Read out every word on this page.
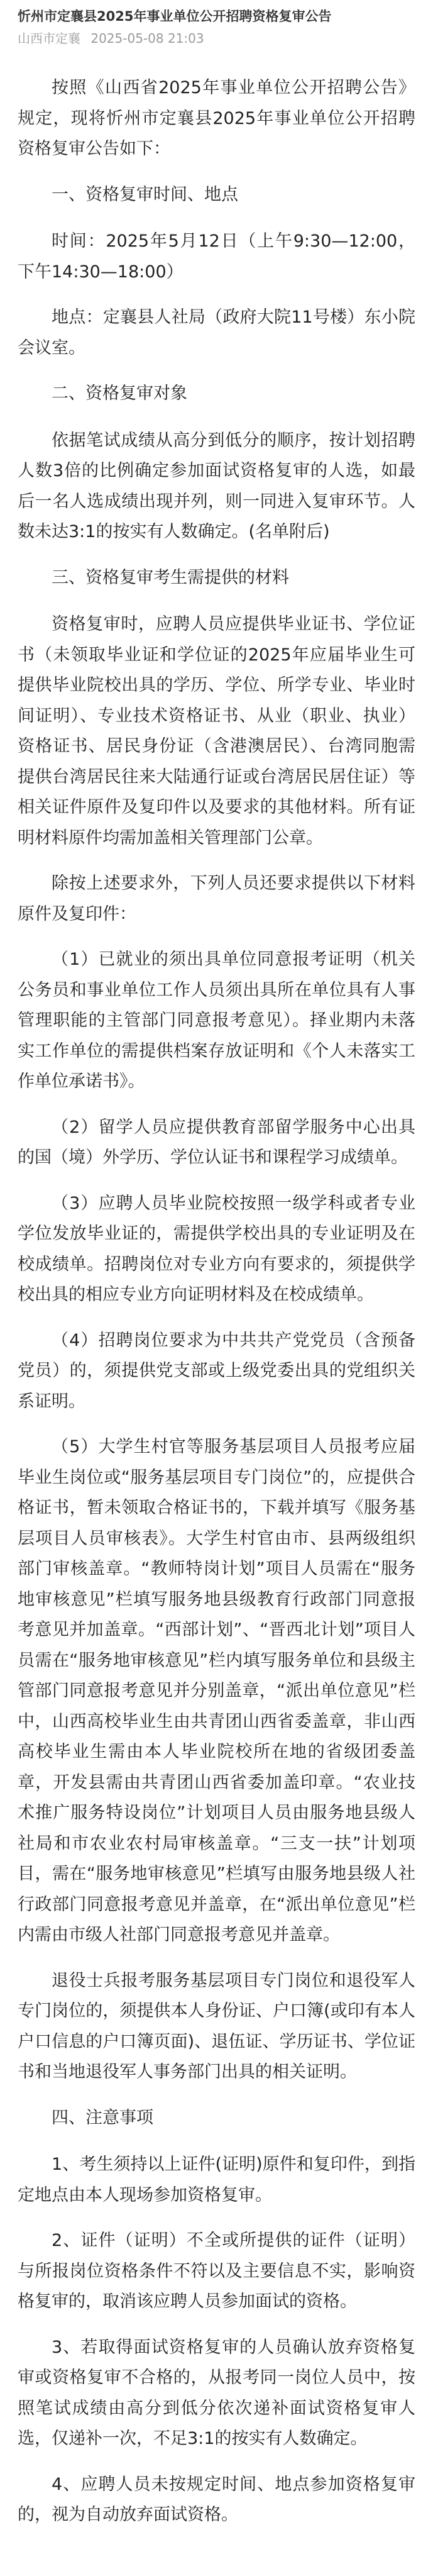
忻州市定襄县2025年事业单位公开招聘资格复审公告
山西市定襄 2025-05-08 21:03

按照《山西省2025年事业单位公开招聘公告》规定，现将忻州市定襄县2025年事业单位公开招聘资格复审公告如下：

一、资格复审时间、地点

时间：2025年5月12日（上午9:30—12:00，下午14:30—18:00）

地点：定襄县人社局（政府大院11号楼）东小院会议室。

二、资格复审对象

依据笔试成绩从高分到低分的顺序，按计划招聘人数3倍的比例确定参加面试资格复审的人选，如最后一名人选成绩出现并列，则一同进入复审环节。人数未达3:1的按实有人数确定。(名单附后)

三、资格复审考生需提供的材料

资格复审时，应聘人员应提供毕业证书、学位证书（未领取毕业证和学位证的2025年应届毕业生可提供毕业院校出具的学历、学位、所学专业、毕业时间证明）、专业技术资格证书、从业（职业、执业）资格证书、居民身份证（含港澳居民）、台湾同胞需提供台湾居民往来大陆通行证或台湾居民居住证）等相关证件原件及复印件以及要求的其他材料。所有证明材料原件均需加盖相关管理部门公章。

除按上述要求外，下列人员还要求提供以下材料原件及复印件：

（1）已就业的须出具单位同意报考证明（机关公务员和事业单位工作人员须出具所在单位具有人事管理职能的主管部门同意报考意见）。择业期内未落实工作单位的需提供档案存放证明和《个人未落实工作单位承诺书》。

（2）留学人员应提供教育部留学服务中心出具的国（境）外学历、学位认证书和课程学习成绩单。

（3）应聘人员毕业院校按照一级学科或者专业学位发放毕业证的，需提供学校出具的专业证明及在校成绩单。招聘岗位对专业方向有要求的，须提供学校出具的相应专业方向证明材料及在校成绩单。

（4）招聘岗位要求为中共共产党党员（含预备党员）的，须提供党支部或上级党委出具的党组织关系证明。

（5）大学生村官等服务基层项目人员报考应届毕业生岗位或“服务基层项目专门岗位”的，应提供合格证书，暂未领取合格证书的，下载并填写《服务基层项目人员审核表》。大学生村官由市、县两级组织部门审核盖章。“教师特岗计划”项目人员需在“服务地审核意见”栏填写服务地县级教育行政部门同意报考意见并加盖章。“西部计划”、“晋西北计划”项目人员需在“服务地审核意见”栏内填写服务单位和县级主管部门同意报考意见并分别盖章，“派出单位意见”栏中，山西高校毕业生由共青团山西省委盖章，非山西高校毕业生需由本人毕业院校所在地的省级团委盖章，开发县需由共青团山西省委加盖印章。“农业技术推广服务特设岗位”计划项目人员由服务地县级人社局和市农业农村局审核盖章。“三支一扶”计划项目，需在“服务地审核意见”栏填写由服务地县级人社行政部门同意报考意见并盖章，在“派出单位意见”栏内需由市级人社部门同意报考意见并盖章。

退役士兵报考服务基层项目专门岗位和退役军人专门岗位的，须提供本人身份证、户口簿(或印有本人户口信息的户口簿页面)、退伍证、学历证书、学位证书和当地退役军人事务部门出具的相关证明。

四、注意事项

1、考生须持以上证件(证明)原件和复印件，到指定地点由本人现场参加资格复审。

2、证件（证明）不全或所提供的证件（证明）与所报岗位资格条件不符以及主要信息不实，影响资格复审的，取消该应聘人员参加面试的资格。

3、若取得面试资格复审的人员确认放弃资格复审或资格复审不合格的，从报考同一岗位人员中，按照笔试成绩由高分到低分依次递补面试资格复审人选，仅递补一次，不足3:1的按实有人数确定。

4、应聘人员未按规定时间、地点参加资格复审的，视为自动放弃面试资格。
